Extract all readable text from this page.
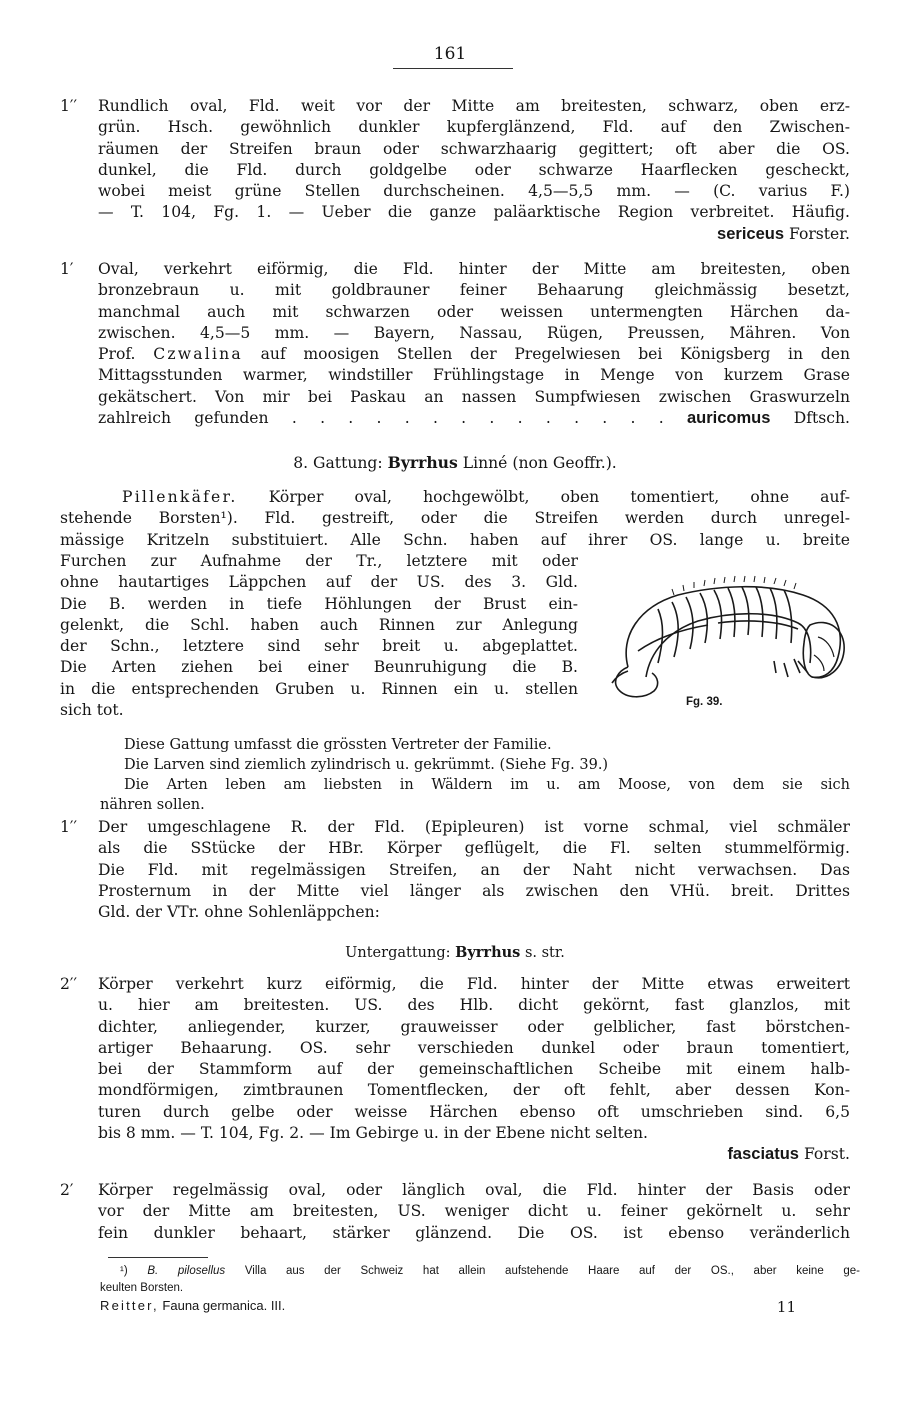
161
1′′ Rundlich oval, Fld. weit vor der Mitte am breitesten, schwarz, oben erz-
grün. Hsch. gewöhnlich dunkler kupferglänzend, Fld. auf den Zwischen-
räumen der Streifen braun oder schwarzhaarig gegittert; oft aber die OS.
dunkel, die Fld. durch goldgelbe oder schwarze Haarflecken gescheckt,
wobei meist grüne Stellen durchscheinen. 4,5—5,5 mm. — (C. varius F.)
— T. 104, Fg. 1. — Ueber die ganze paläarktische Region verbreitet. Häufig.
sericeus Forster.
1′ Oval, verkehrt eiförmig, die Fld. hinter der Mitte am breitesten, oben
bronzebraun u. mit goldbrauner feiner Behaarung gleichmässig besetzt,
manchmal auch mit schwarzen oder weissen untermengten Härchen da-
zwischen. 4,5—5 mm. — Bayern, Nassau, Rügen, Preussen, Mähren. Von
Prof. Czwalina auf moosigen Stellen der Pregelwiesen bei Königsberg in den
Mittagsstunden warmer, windstiller Frühlingstage in Menge von kurzem Grase
gekätschert. Von mir bei Paskau an nassen Sumpfwiesen zwischen Graswurzeln
zahlreich gefunden . . . . . . . . . . . . . . auricomus Dftsch.
8. Gattung: Byrrhus Linné (non Geoffr.).
Pillenkäfer. Körper oval, hochgewölbt, oben tomentiert, ohne auf-
stehende Borsten¹). Fld. gestreift, oder die Streifen werden durch unregel-
mässige Kritzeln substituiert. Alle Schn. haben auf ihrer OS. lange u. breite
Furchen zur Aufnahme der Tr., letztere mit oder
ohne hautartiges Läppchen auf der US. des 3. Gld.
Die B. werden in tiefe Höhlungen der Brust ein-
gelenkt, die Schl. haben auch Rinnen zur Anlegung
der Schn., letztere sind sehr breit u. abgeplattet.
Die Arten ziehen bei einer Beunruhigung die B.
in die entsprechenden Gruben u. Rinnen ein u. stellen
sich tot.	Fg. 39.
Diese Gattung umfasst die grössten Vertreter der Familie.
Die Larven sind ziemlich zylindrisch u. gekrümmt. (Siehe Fg. 39.)
Die Arten leben am liebsten in Wäldern im u. am Moose, von dem sie sich
nähren sollen.
1′′ Der umgeschlagene R. der Fld. (Epipleuren) ist vorne schmal, viel schmäler
als die SStücke der HBr. Körper geflügelt, die Fl. selten stummelförmig.
Die Fld. mit regelmässigen Streifen, an der Naht nicht verwachsen. Das
Prosternum in der Mitte viel länger als zwischen den VHü. breit. Drittes
Gld. der VTr. ohne Sohlenläppchen:
Untergattung: Byrrhus s. str.
2′′ Körper verkehrt kurz eiförmig, die Fld. hinter der Mitte etwas erweitert
u. hier am breitesten. US. des Hlb. dicht gekörnt, fast glanzlos, mit
dichter, anliegender, kurzer, grauweisser oder gelblicher, fast börstchen-
artiger Behaarung. OS. sehr verschieden dunkel oder braun tomentiert,
bei der Stammform auf der gemeinschaftlichen Scheibe mit einem halb-
mondförmigen, zimtbraunen Tomentflecken, der oft fehlt, aber dessen Kon-
turen durch gelbe oder weisse Härchen ebenso oft umschrieben sind. 6,5
bis 8 mm. — T. 104, Fg. 2. — Im Gebirge u. in der Ebene nicht selten.
fasciatus Forst.
2′ Körper regelmässig oval, oder länglich oval, die Fld. hinter der Basis oder
vor der Mitte am breitesten, US. weniger dicht u. feiner gekörnelt u. sehr
fein dunkler behaart, stärker glänzend. Die OS. ist ebenso veränderlich
¹) B. pilosellus Villa aus der Schweiz hat allein aufstehende Haare auf der OS., aber keine ge-
keulten Borsten.
Reitter, Fauna germanica. III.	11
